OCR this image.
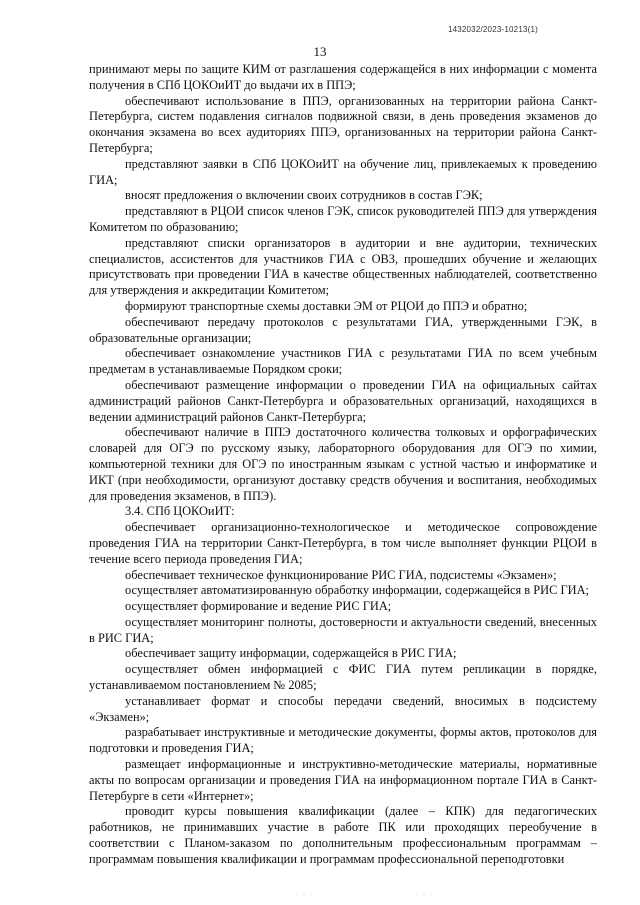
1432032/2023-10213(1)
13

принимают меры по защите КИМ от разглашения содержащейся в них информации с момента получения в СПб ЦОКОиИТ до выдачи их в ППЭ;

обеспечивают использование в ППЭ, организованных на территории района Санкт-Петербурга, систем подавления сигналов подвижной связи, в день проведения экзаменов до окончания экзамена во всех аудиториях ППЭ, организованных на территории района Санкт-Петербурга;

представляют заявки в СПб ЦОКОиИТ на обучение лиц, привлекаемых к проведению ГИА;

вносят предложения о включении своих сотрудников в состав ГЭК;

представляют в РЦОИ список членов ГЭК, список руководителей ППЭ для утверждения Комитетом по образованию;

представляют списки организаторов в аудитории и вне аудитории, технических специалистов, ассистентов для участников ГИА с ОВЗ, прошедших обучение и желающих присутствовать при проведении ГИА в качестве общественных наблюдателей, соответственно для утверждения и аккредитации Комитетом;

формируют транспортные схемы доставки ЭМ от РЦОИ до ППЭ и обратно;

обеспечивают передачу протоколов с результатами ГИА, утвержденными ГЭК, в образовательные организации;

обеспечивает ознакомление участников ГИА с результатами ГИА по всем учебным предметам в устанавливаемые Порядком сроки;

обеспечивают размещение информации о проведении ГИА на официальных сайтах администраций районов Санкт-Петербурга и образовательных организаций, находящихся в ведении администраций районов Санкт-Петербурга;

обеспечивают наличие в ППЭ достаточного количества толковых и орфографических словарей для ОГЭ по русскому языку, лабораторного оборудования для ОГЭ по химии, компьютерной техники для ОГЭ по иностранным языкам с устной частью и информатике и ИКТ (при необходимости, организуют доставку средств обучения и воспитания, необходимых для проведения экзаменов, в ППЭ).

3.4. СПб ЦОКОиИТ:

обеспечивает организационно-технологическое и методическое сопровождение проведения ГИА на территории Санкт-Петербурга, в том числе выполняет функции РЦОИ в течение всего периода проведения ГИА;

обеспечивает техническое функционирование РИС ГИА, подсистемы «Экзамен»;

осуществляет автоматизированную обработку информации, содержащейся в РИС ГИА;

осуществляет формирование и ведение РИС ГИА;

осуществляет мониторинг полноты, достоверности и актуальности сведений, внесенных в РИС ГИА;

обеспечивает защиту информации, содержащейся в РИС ГИА;

осуществляет обмен информацией с ФИС ГИА путем репликации в порядке, устанавливаемом постановлением № 2085;

устанавливает формат и способы передачи сведений, вносимых в подсистему «Экзамен»;

разрабатывает инструктивные и методические документы, формы актов, протоколов для подготовки и проведения ГИА;

размещает информационные и инструктивно-методические материалы, нормативные акты по вопросам организации и проведения ГИА на информационном портале ГИА в Санкт-Петербурге в сети «Интернет»;

проводит курсы повышения квалификации (далее – КПК) для педагогических работников, не принимавших участие в работе ПК или проходящих переобучение в соответствии с Планом-заказом по дополнительным профессиональным программам – программам повышения квалификации и программам профессиональной переподготовки

· · · · · · · · · · · · · · · · · · · · · · · · · · · · · · ·
